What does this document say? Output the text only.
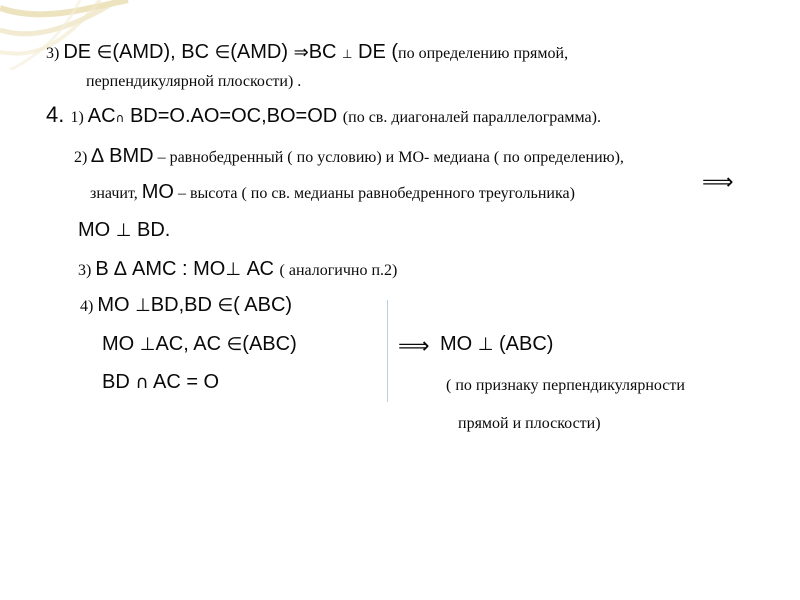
3) DE ∈(AMD), BC ∈(AMD) ⇒BC ⊥ DE (по определению прямой,
перпендикулярной плоскости) .
4. 1) AC∩ BD=O.AO=OC,BO=OD (по св. диагоналей параллелограмма).
2) ∆ BMD – равнобедренный ( по условию) и МО- медиана ( по определению),
значит, МО – высота ( по св. медианы равнобедренного треугольника)	⟹
MO ⊥ BD.
3) В ∆ АМС : МО⊥ АС ( аналогично п.2)
4) MO ⊥BD,BD ∈( ABC)
MO ⊥AC, AC ∈(ABC)	⟹ MO ⊥ (ABC)
BD ∩ AC = O	( по признаку перпендикулярности
прямой и плоскости)
